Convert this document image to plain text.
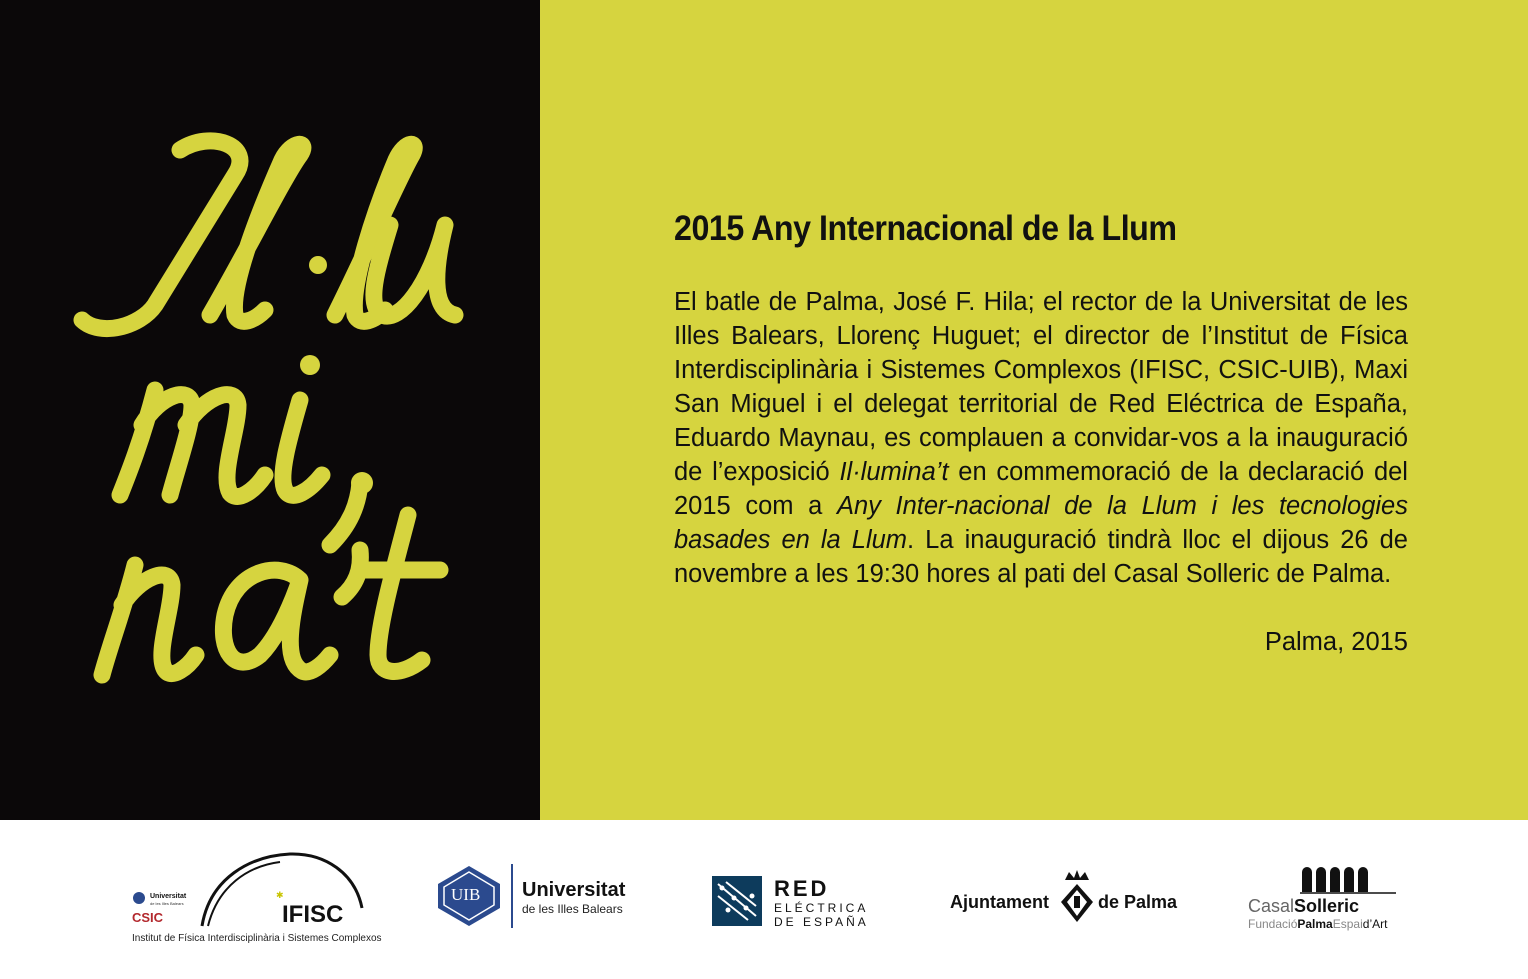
2015 Any Internacional de la Llum

El batle de Palma, José F. Hila; el rector de la Universitat de les Illes Balears, Llorenç Huguet; el director de l’Institut de Física Interdisciplinària i Sistemes Complexos (IFISC, CSIC-UIB), Maxi San Miguel i el delegat territorial de Red Eléctrica de España, Eduardo Maynau, es complauen a convidar-vos a la inauguració de l’exposició Il·lumina’t en commemoració de la declaració del 2015 com a Any Inter-nacional de la Llum i les tecnologies basades en la Llum. La inauguració tindrà lloc el dijous 26 de novembre a les 19:30 hores al pati del Casal Solleric de Palma.

Palma, 2015
✱
Universitat
de les Illes Balears
CSIC	IFISC
Institut de Física Interdisciplinària i Sistemes Complexos
UIB Universitat
de les Illes Balears
RED
ELÉCTRICA
DE ESPAÑA
Ajuntament	de Palma	CasalSolleric
FundacióPalmaEspaid’Art
